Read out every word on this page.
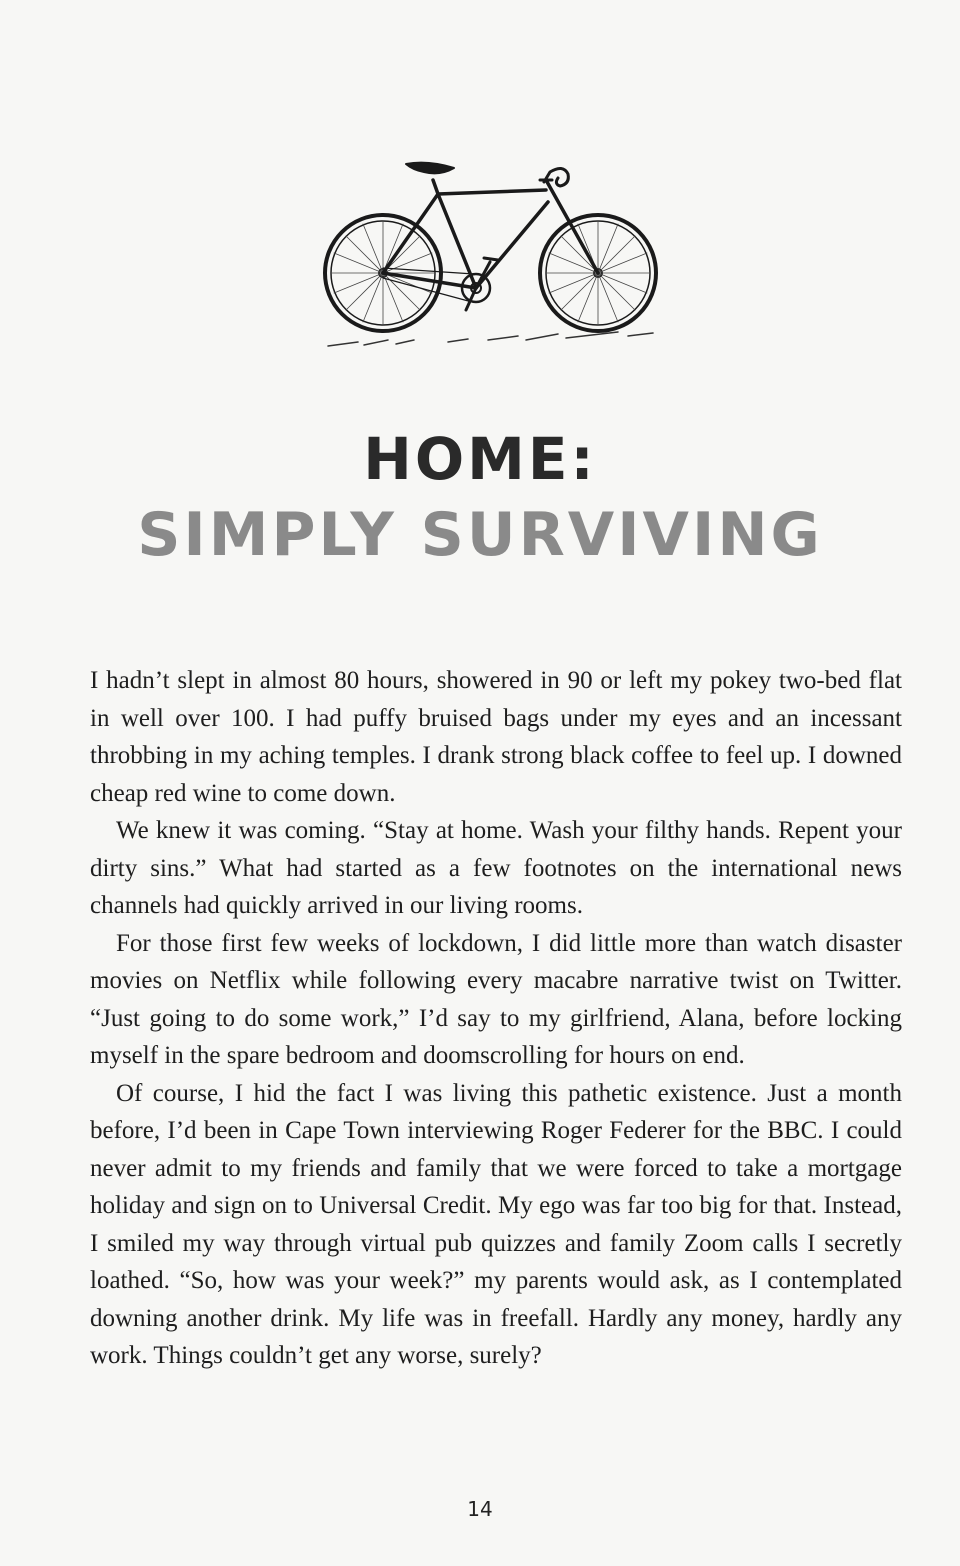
HOME:
SIMPLY SURVIVING

I hadn’t slept in almost 80 hours, showered in 90 or left my pokey two-bed flat in well over 100. I had puffy bruised bags under my eyes and an incessant throbbing in my aching temples. I drank strong black coffee to feel up. I downed cheap red wine to come down.

We knew it was coming. “Stay at home. Wash your filthy hands. Repent your dirty sins.” What had started as a few footnotes on the international news channels had quickly arrived in our living rooms.

For those first few weeks of lockdown, I did little more than watch disaster movies on Netflix while following every macabre narrative twist on Twitter. “Just going to do some work,” I’d say to my girlfriend, Alana, before locking myself in the spare bedroom and doomscrolling for hours on end.

Of course, I hid the fact I was living this pathetic existence. Just a month before, I’d been in Cape Town interviewing Roger Federer for the BBC. I could never admit to my friends and family that we were forced to take a mortgage holiday and sign on to Universal Credit. My ego was far too big for that. Instead, I smiled my way through virtual pub quizzes and family Zoom calls I secretly loathed. “So, how was your week?” my parents would ask, as I contemplated downing another drink. My life was in freefall. Hardly any money, hardly any work. Things couldn’t get any worse, surely?

14
